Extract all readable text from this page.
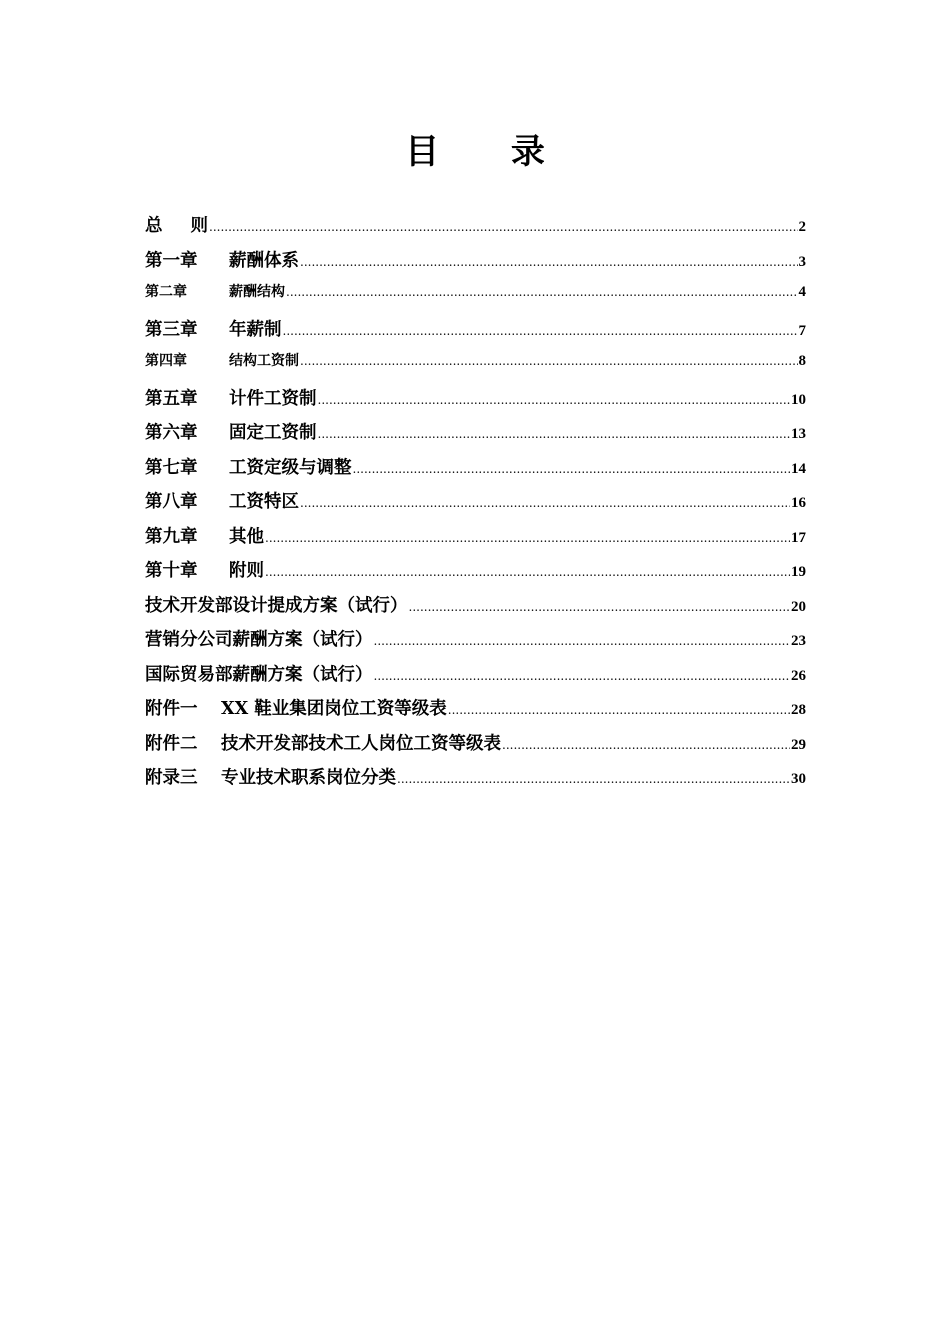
目 录
总 则 .....	2
第一章	薪酬体系 .....	3
第二章	薪酬结构 .....	4
第三章	年薪制 .....	7
第四章	结构工资制 .....	8
第五章	计件工资制 .....	10
第六章	固定工资制 .....	13
第七章	工资定级与调整 .....	14
第八章	工资特区 .....	16
第九章	其他 .....	17
第十章	附则 .....	19
技术开发部设计提成方案（试行） .....	20
营销分公司薪酬方案（试行） .....	23
国际贸易部薪酬方案（试行） .....	26
附件一	XX 鞋业集团岗位工资等级表 .....	28
附件二	技术开发部技术工人岗位工资等级表 .....	29
附录三	专业技术职系岗位分类 .....	30
